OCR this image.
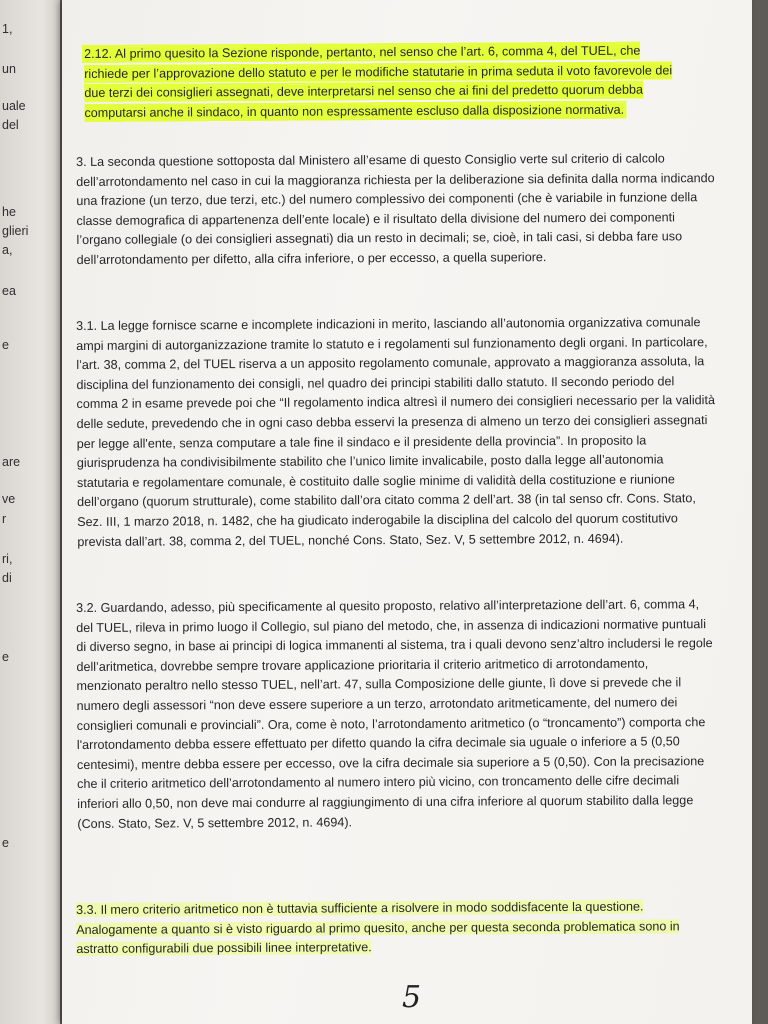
1,
un
uale
del
he
glieri
a,
ea
e
are
ve
r
ri,
di
e
e

2.12. Al primo quesito la Sezione risponde, pertanto, nel senso che l’art. 6, comma 4, del TUEL, che richiede per l’approvazione dello statuto e per le modifiche statutarie in prima seduta il voto favorevole dei due terzi dei consiglieri assegnati, deve interpretarsi nel senso che ai fini del predetto quorum debba computarsi anche il sindaco, in quanto non espressamente escluso dalla disposizione normativa.

3. La seconda questione sottoposta dal Ministero all’esame di questo Consiglio verte sul criterio di calcolo dell’arrotondamento nel caso in cui la maggioranza richiesta per la deliberazione sia definita dalla norma indicando una frazione (un terzo, due terzi, etc.) del numero complessivo dei componenti (che è variabile in funzione della classe demografica di appartenenza dell’ente locale) e il risultato della divisione del numero dei componenti l’organo collegiale (o dei consiglieri assegnati) dia un resto in decimali; se, cioè, in tali casi, si debba fare uso dell’arrotondamento per difetto, alla cifra inferiore, o per eccesso, a quella superiore.

3.1. La legge fornisce scarne e incomplete indicazioni in merito, lasciando all’autonomia organizzativa comunale ampi margini di autorganizzazione tramite lo statuto e i regolamenti sul funzionamento degli organi. In particolare, l’art. 38, comma 2, del TUEL riserva a un apposito regolamento comunale, approvato a maggioranza assoluta, la disciplina del funzionamento dei consigli, nel quadro dei principi stabiliti dallo statuto. Il secondo periodo del comma 2 in esame prevede poi che “Il regolamento indica altresì il numero dei consiglieri necessario per la validità delle sedute, prevedendo che in ogni caso debba esservi la presenza di almeno un terzo dei consiglieri assegnati per legge all'ente, senza computare a tale fine il sindaco e il presidente della provincia”. In proposito la giurisprudenza ha condivisibilmente stabilito che l’unico limite invalicabile, posto dalla legge all’autonomia statutaria e regolamentare comunale, è costituito dalle soglie minime di validità della costituzione e riunione dell’organo (quorum strutturale), come stabilito dall’ora citato comma 2 dell’art. 38 (in tal senso cfr. Cons. Stato, Sez. III, 1 marzo 2018, n. 1482, che ha giudicato inderogabile la disciplina del calcolo del quorum costitutivo prevista dall’art. 38, comma 2, del TUEL, nonché Cons. Stato, Sez. V, 5 settembre 2012, n. 4694).

3.2. Guardando, adesso, più specificamente al quesito proposto, relativo all’interpretazione dell’art. 6, comma 4, del TUEL, rileva in primo luogo il Collegio, sul piano del metodo, che, in assenza di indicazioni normative puntuali di diverso segno, in base ai principi di logica immanenti al sistema, tra i quali devono senz’altro includersi le regole dell’aritmetica, dovrebbe sempre trovare applicazione prioritaria il criterio aritmetico di arrotondamento, menzionato peraltro nello stesso TUEL, nell’art. 47, sulla Composizione delle giunte, lì dove si prevede che il numero degli assessori “non deve essere superiore a un terzo, arrotondato aritmeticamente, del numero dei consiglieri comunali e provinciali”. Ora, come è noto, l’arrotondamento aritmetico (o “troncamento”) comporta che l'arrotondamento debba essere effettuato per difetto quando la cifra decimale sia uguale o inferiore a 5 (0,50 centesimi), mentre debba essere per eccesso, ove la cifra decimale sia superiore a 5 (0,50). Con la precisazione che il criterio aritmetico dell’arrotondamento al numero intero più vicino, con troncamento delle cifre decimali inferiori allo 0,50, non deve mai condurre al raggiungimento di una cifra inferiore al quorum stabilito dalla legge (Cons. Stato, Sez. V, 5 settembre 2012, n. 4694).

3.3. Il mero criterio aritmetico non è tuttavia sufficiente a risolvere in modo soddisfacente la questione. Analogamente a quanto si è visto riguardo al primo quesito, anche per questa seconda problematica sono in astratto configurabili due possibili linee interpretative.

5
